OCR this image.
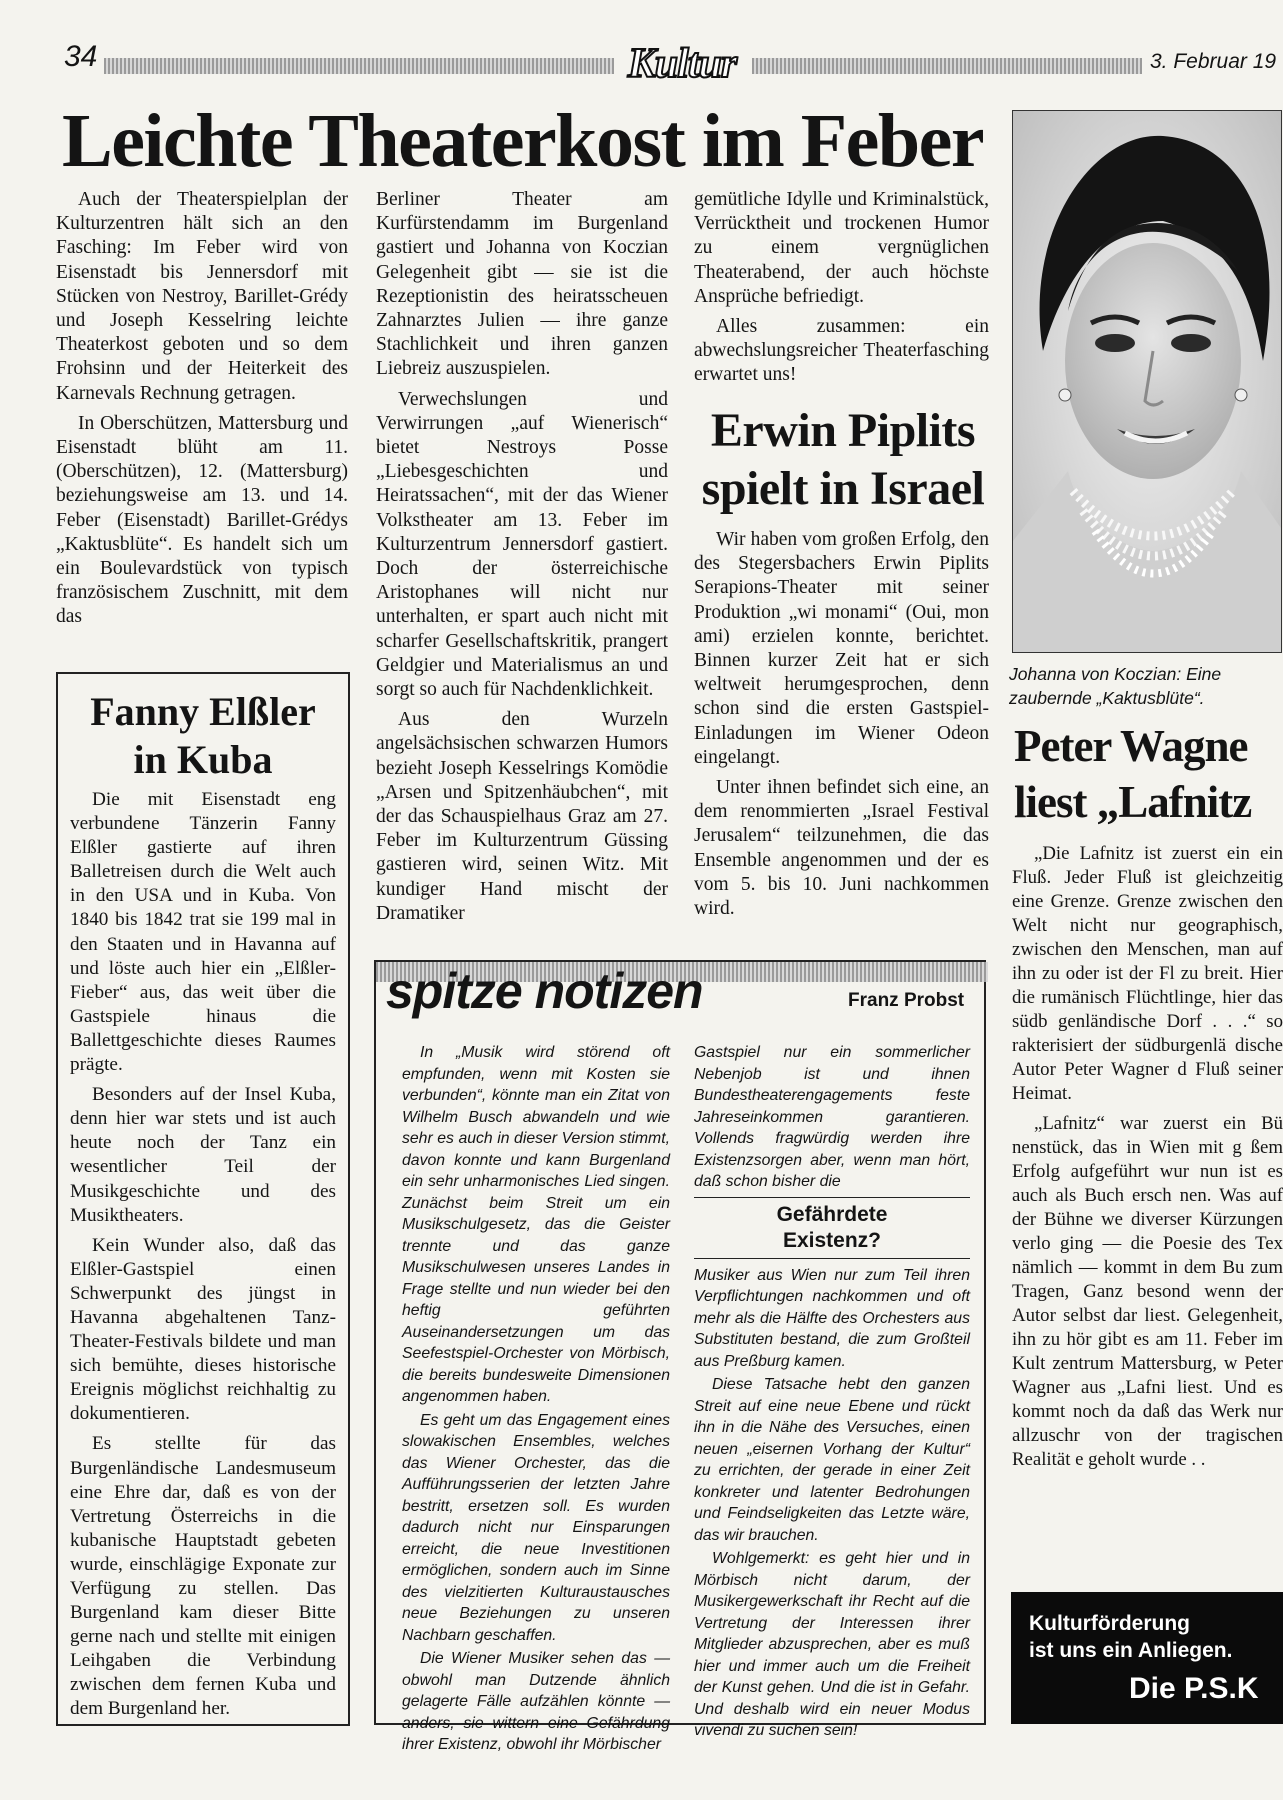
34	Kultur	3. Februar 19
Leichte Theaterkost im Feber

Auch der Theaterspielplan der Kulturzentren hält sich an den Fasching: Im Feber wird von Eisenstadt bis Jennersdorf mit Stücken von Nestroy, Barillet-Grédy und Joseph Kesselring leichte Theaterkost geboten und so dem Frohsinn und der Heiterkeit des Karnevals Rechnung getragen.

In Oberschützen, Mattersburg und Eisenstadt blüht am 11. (Oberschützen), 12. (Mattersburg) beziehungsweise am 13. und 14. Feber (Eisenstadt) Barillet-Grédys „Kaktusblüte“. Es handelt sich um ein Boulevardstück von typisch französischem Zuschnitt, mit dem das

Berliner Theater am Kurfürstendamm im Burgenland gastiert und Johanna von Koczian Gelegenheit gibt — sie ist die Rezeptionistin des heiratsscheuen Zahnarztes Julien — ihre ganze Stachlichkeit und ihren ganzen Liebreiz auszuspielen.

Verwechslungen und Verwirrungen „auf Wienerisch“ bietet Nestroys Posse „Liebesgeschichten und Heiratssachen“, mit der das Wiener Volkstheater am 13. Feber im Kulturzentrum Jennersdorf gastiert. Doch der österreichische Aristophanes will nicht nur unterhalten, er spart auch nicht mit scharfer Gesellschaftskritik, prangert Geldgier und Materialismus an und sorgt so auch für Nachdenklichkeit.

Aus den Wurzeln angelsächsischen schwarzen Humors bezieht Joseph Kesselrings Komödie „Arsen und Spitzenhäubchen“, mit der das Schauspielhaus Graz am 27. Feber im Kulturzentrum Güssing gastieren wird, seinen Witz. Mit kundiger Hand mischt der Dramatiker

gemütliche Idylle und Kriminalstück, Verrücktheit und trockenen Humor zu einem vergnüglichen Theaterabend, der auch höchste Ansprüche befriedigt.

Alles zusammen: ein abwechslungsreicher Theaterfasching erwartet uns!

Erwin Piplits
spielt in Israel

Wir haben vom großen Erfolg, den des Stegersbachers Erwin Piplits Serapions-Theater mit seiner Produktion „wi monami“ (Oui, mon ami) erzielen konnte, berichtet. Binnen kurzer Zeit hat er sich weltweit herumgesprochen, denn schon sind die ersten Gastspiel-Einladungen im Wiener Odeon eingelangt.

Unter ihnen befindet sich eine, an dem renommierten „Israel Festival Jerusalem“ teilzunehmen, die das Ensemble angenommen und der es vom 5. bis 10. Juni nachkommen wird.

Fanny Elßler
in Kuba

Die mit Eisenstadt eng verbundene Tänzerin Fanny Elßler gastierte auf ihren Balletreisen durch die Welt auch in den USA und in Kuba. Von 1840 bis 1842 trat sie 199 mal in den Staaten und in Havanna auf und löste auch hier ein „Elßler-Fieber“ aus, das weit über die Gastspiele hinaus die Ballettgeschichte dieses Raumes prägte.

Besonders auf der Insel Kuba, denn hier war stets und ist auch heute noch der Tanz ein wesentlicher Teil der Musikgeschichte und des Musiktheaters.

Kein Wunder also, daß das Elßler-Gastspiel einen Schwerpunkt des jüngst in Havanna abgehaltenen Tanz-Theater-Festivals bildete und man sich bemühte, dieses historische Ereignis möglichst reichhaltig zu dokumentieren.

Es stellte für das Burgenländische Landesmuseum eine Ehre dar, daß es von der Vertretung Österreichs in die kubanische Hauptstadt gebeten wurde, einschlägige Exponate zur Verfügung zu stellen. Das Burgenland kam dieser Bitte gerne nach und stellte mit einigen Leihgaben die Verbindung zwischen dem fernen Kuba und dem Burgenland her.

Johanna von Koczian: Eine
zaubernde „Kaktusblüte“.
Peter Wagne
liest „Lafnitz

„Die Lafnitz ist zuerst ein ein Fluß. Jeder Fluß ist gleichzeitig eine Grenze. Grenze zwischen den Welt nicht nur geographisch, zwischen den Menschen, man auf ihn zu oder ist der Fl zu breit. Hier die rumänisch Flüchtlinge, hier das südb genländische Dorf . . .“ so rakterisiert der südburgenlä dische Autor Peter Wagner d Fluß seiner Heimat.

„Lafnitz“ war zuerst ein Bü nenstück, das in Wien mit g ßem Erfolg aufgeführt wur nun ist es auch als Buch ersch nen. Was auf der Bühne we diverser Kürzungen verlo ging — die Poesie des Tex nämlich — kommt in dem Bu zum Tragen, Ganz besond wenn der Autor selbst dar liest. Gelegenheit, ihn zu hör gibt es am 11. Feber im Kult zentrum Mattersburg, w Peter Wagner aus „Lafni liest. Und es kommt noch da daß das Werk nur allzuschr von der tragischen Realität e geholt wurde . .

spitze notizen	Franz Probst

In „Musik wird störend oft empfunden, wenn mit Kosten sie verbunden“, könnte man ein Zitat von Wilhelm Busch abwandeln und wie sehr es auch in dieser Version stimmt, davon konnte und kann Burgenland ein sehr unharmonisches Lied singen. Zunächst beim Streit um ein Musikschulgesetz, das die Geister trennte und das ganze Musikschulwesen unseres Landes in Frage stellte und nun wieder bei den heftig geführten Auseinandersetzungen um das Seefestspiel-Orchester von Mörbisch, die bereits bundesweite Dimensionen angenommen haben.

Es geht um das Engagement eines slowakischen Ensembles, welches das Wiener Orchester, das die Aufführungsserien der letzten Jahre bestritt, ersetzen soll. Es wurden dadurch nicht nur Einsparungen erreicht, die neue Investitionen ermöglichen, sondern auch im Sinne des vielzitierten Kulturaustausches neue Beziehungen zu unseren Nachbarn geschaffen.

Die Wiener Musiker sehen das — obwohl man Dutzende ähnlich gelagerte Fälle aufzählen könnte — anders, sie wittern eine Gefährdung ihrer Existenz, obwohl ihr Mörbischer

Gastspiel nur ein sommerlicher Nebenjob ist und ihnen Bundestheaterengagements feste Jahreseinkommen garantieren. Vollends fragwürdig werden ihre Existenzsorgen aber, wenn man hört, daß schon bisher die

Gefährdete
Existenz?

Musiker aus Wien nur zum Teil ihren Verpflichtungen nachkommen und oft mehr als die Hälfte des Orchesters aus Substituten bestand, die zum Großteil aus Preßburg kamen.

Diese Tatsache hebt den ganzen Streit auf eine neue Ebene und rückt ihn in die Nähe des Versuches, einen neuen „eisernen Vorhang der Kultur“ zu errichten, der gerade in einer Zeit konkreter und latenter Bedrohungen und Feindseligkeiten das Letzte wäre, das wir brauchen.

Wohlgemerkt: es geht hier und in Mörbisch nicht darum, der Musikergewerkschaft ihr Recht auf die Vertretung der Interessen ihrer Mitglieder abzusprechen, aber es muß hier und immer auch um die Freiheit der Kunst gehen. Und die ist in Gefahr. Und deshalb wird ein neuer Modus vivendi zu suchen sein!

Kulturförderung
ist uns ein Anliegen.
Die P.S.K
